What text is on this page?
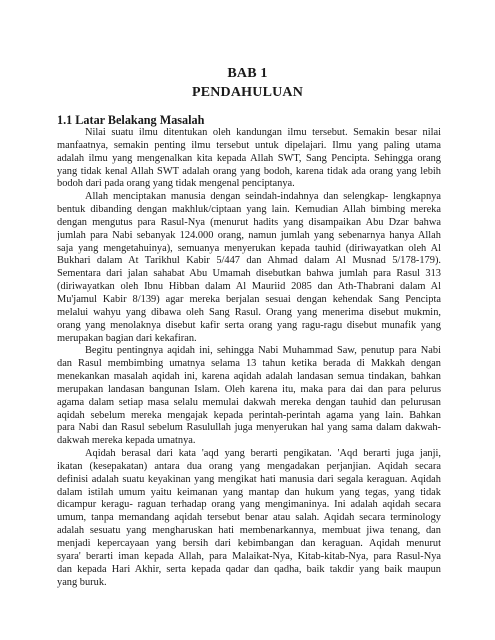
BAB 1
PENDAHULUAN
1.1 Latar Belakang Masalah
Nilai suatu ilmu ditentukan oleh kandungan ilmu tersebut. Semakin besar nilai
manfaatnya, semakin penting ilmu tersebut untuk dipelajari. Ilmu yang paling utama
adalah ilmu yang mengenalkan kita kepada Allah SWT, Sang Pencipta. Sehingga orang
yang tidak kenal Allah SWT adalah orang yang bodoh, karena tidak ada orang yang lebih
bodoh dari pada orang yang tidak mengenal penciptanya.
Allah menciptakan manusia dengan seindah-indahnya dan selengkap- lengkapnya
bentuk dibanding dengan makhluk/ciptaan yang lain. Kemudian Allah bimbing mereka
dengan mengutus para Rasul-Nya (menurut hadits yang disampaikan Abu Dzar bahwa
jumlah para Nabi sebanyak 124.000 orang, namun jumlah yang sebenarnya hanya Allah
saja yang mengetahuinya), semuanya menyerukan kepada tauhid (diriwayatkan oleh Al
Bukhari dalam At Tarikhul Kabir 5/447 dan Ahmad dalam Al Musnad 5/178-179).
Sementara dari jalan sahabat Abu Umamah disebutkan bahwa jumlah para Rasul 313
(diriwayatkan oleh Ibnu Hibban dalam Al Mauriid 2085 dan Ath-Thabrani dalam Al
Mu'jamul Kabir 8/139) agar mereka berjalan sesuai dengan kehendak Sang Pencipta
melalui wahyu yang dibawa oleh Sang Rasul. Orang yang menerima disebut mukmin,
orang yang menolaknya disebut kafir serta orang yang ragu-ragu disebut munafik yang
merupakan bagian dari kekafiran.
Begitu pentingnya aqidah ini, sehingga Nabi Muhammad Saw, penutup para Nabi
dan Rasul membimbing umatnya selama 13 tahun ketika berada di Makkah dengan
menekankan masalah aqidah ini, karena aqidah adalah landasan semua tindakan, bahkan
merupakan landasan bangunan Islam. Oleh karena itu, maka para dai dan para pelurus
agama dalam setiap masa selalu memulai dakwah mereka dengan tauhid dan pelurusan
aqidah sebelum mereka mengajak kepada perintah-perintah agama yang lain. Bahkan
para Nabi dan Rasul sebelum Rasulullah juga menyerukan hal yang sama dalam dakwah-
dakwah mereka kepada umatnya.
Aqidah berasal dari kata 'aqd yang berarti pengikatan. 'Aqd berarti juga janji,
ikatan (kesepakatan) antara dua orang yang mengadakan perjanjian. Aqidah secara
definisi adalah suatu keyakinan yang mengikat hati manusia dari segala keraguan. Aqidah
dalam istilah umum yaitu keimanan yang mantap dan hukum yang tegas, yang tidak
dicampur keragu- raguan terhadap orang yang mengimaninya. Ini adalah aqidah secara
umum, tanpa memandang aqidah tersebut benar atau salah. Aqidah secara terminology
adalah sesuatu yang mengharuskan hati membenarkannya, membuat jiwa tenang, dan
menjadi kepercayaan yang bersih dari kebimbangan dan keraguan. Aqidah menurut
syara' berarti iman kepada Allah, para Malaikat-Nya, Kitab-kitab-Nya, para Rasul-Nya
dan kepada Hari Akhir, serta kepada qadar dan qadha, baik takdir yang baik maupun
yang buruk.
